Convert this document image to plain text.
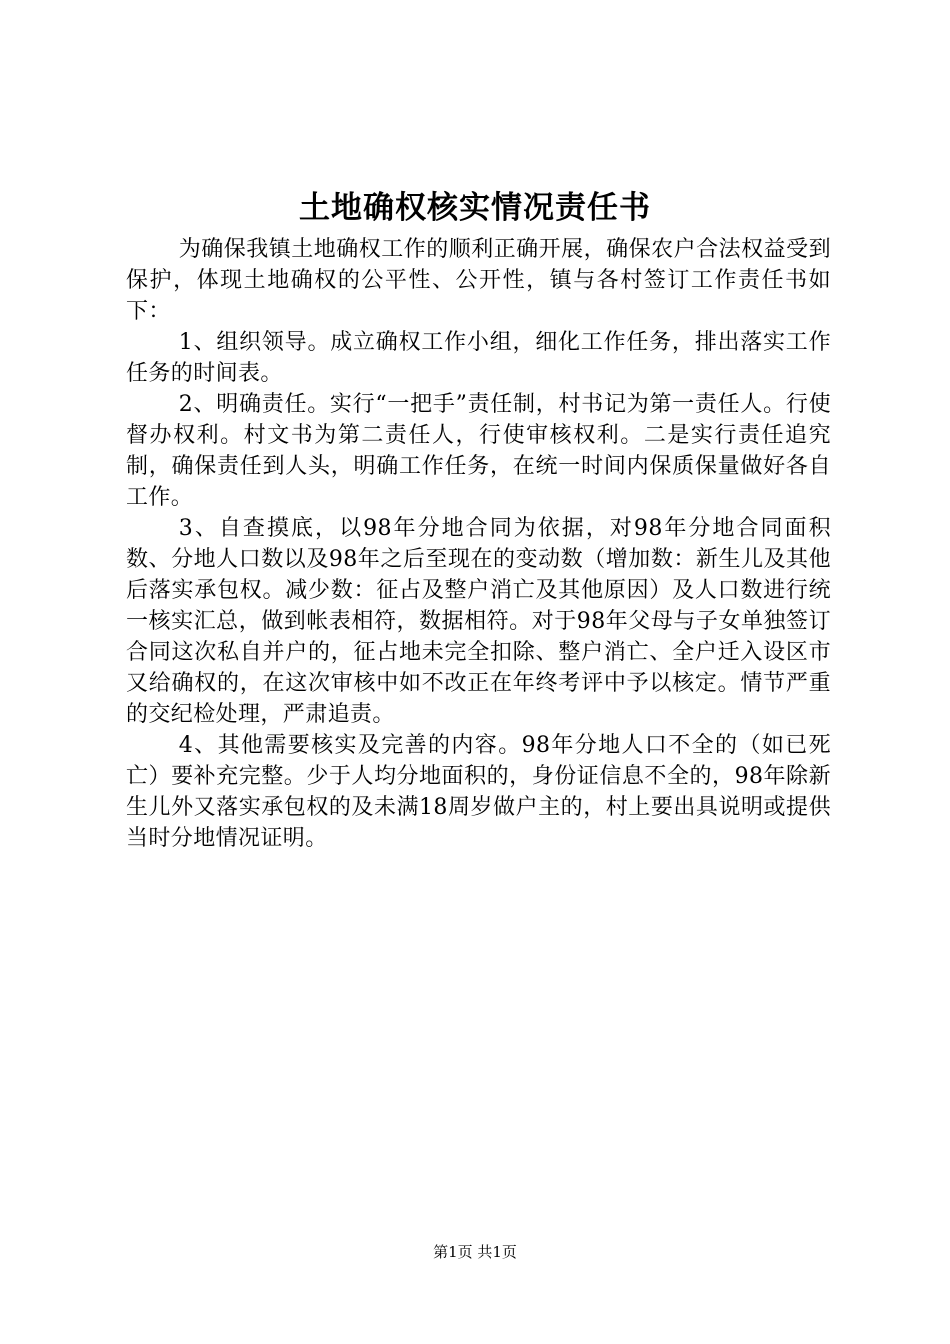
土地确权核实情况责任书

为确保我镇土地确权工作的顺利正确开展，确保农户合法权益受到保护，体现土地确权的公平性、公开性，镇与各村签订工作责任书如下：

1、组织领导。成立确权工作小组，细化工作任务，排出落实工作任务的时间表。

2、明确责任。实行“一把手”责任制，村书记为第一责任人。行使督办权利。村文书为第二责任人，行使审核权利。二是实行责任追究制，确保责任到人头，明确工作任务，在统一时间内保质保量做好各自工作。

3、自查摸底，以98年分地合同为依据，对98年分地合同面积数、分地人口数以及98年之后至现在的变动数（增加数：新生儿及其他后落实承包权。减少数：征占及整户消亡及其他原因）及人口数进行统一核实汇总，做到帐表相符，数据相符。对于98年父母与子女单独签订合同这次私自并户的，征占地未完全扣除、整户消亡、全户迁入设区市又给确权的，在这次审核中如不改正在年终考评中予以核定。情节严重的交纪检处理，严肃追责。

4、其他需要核实及完善的内容。98年分地人口不全的（如已死亡）要补充完整。少于人均分地面积的，身份证信息不全的，98年除新生儿外又落实承包权的及未满18周岁做户主的，村上要出具说明或提供当时分地情况证明。

第1页 共1页
